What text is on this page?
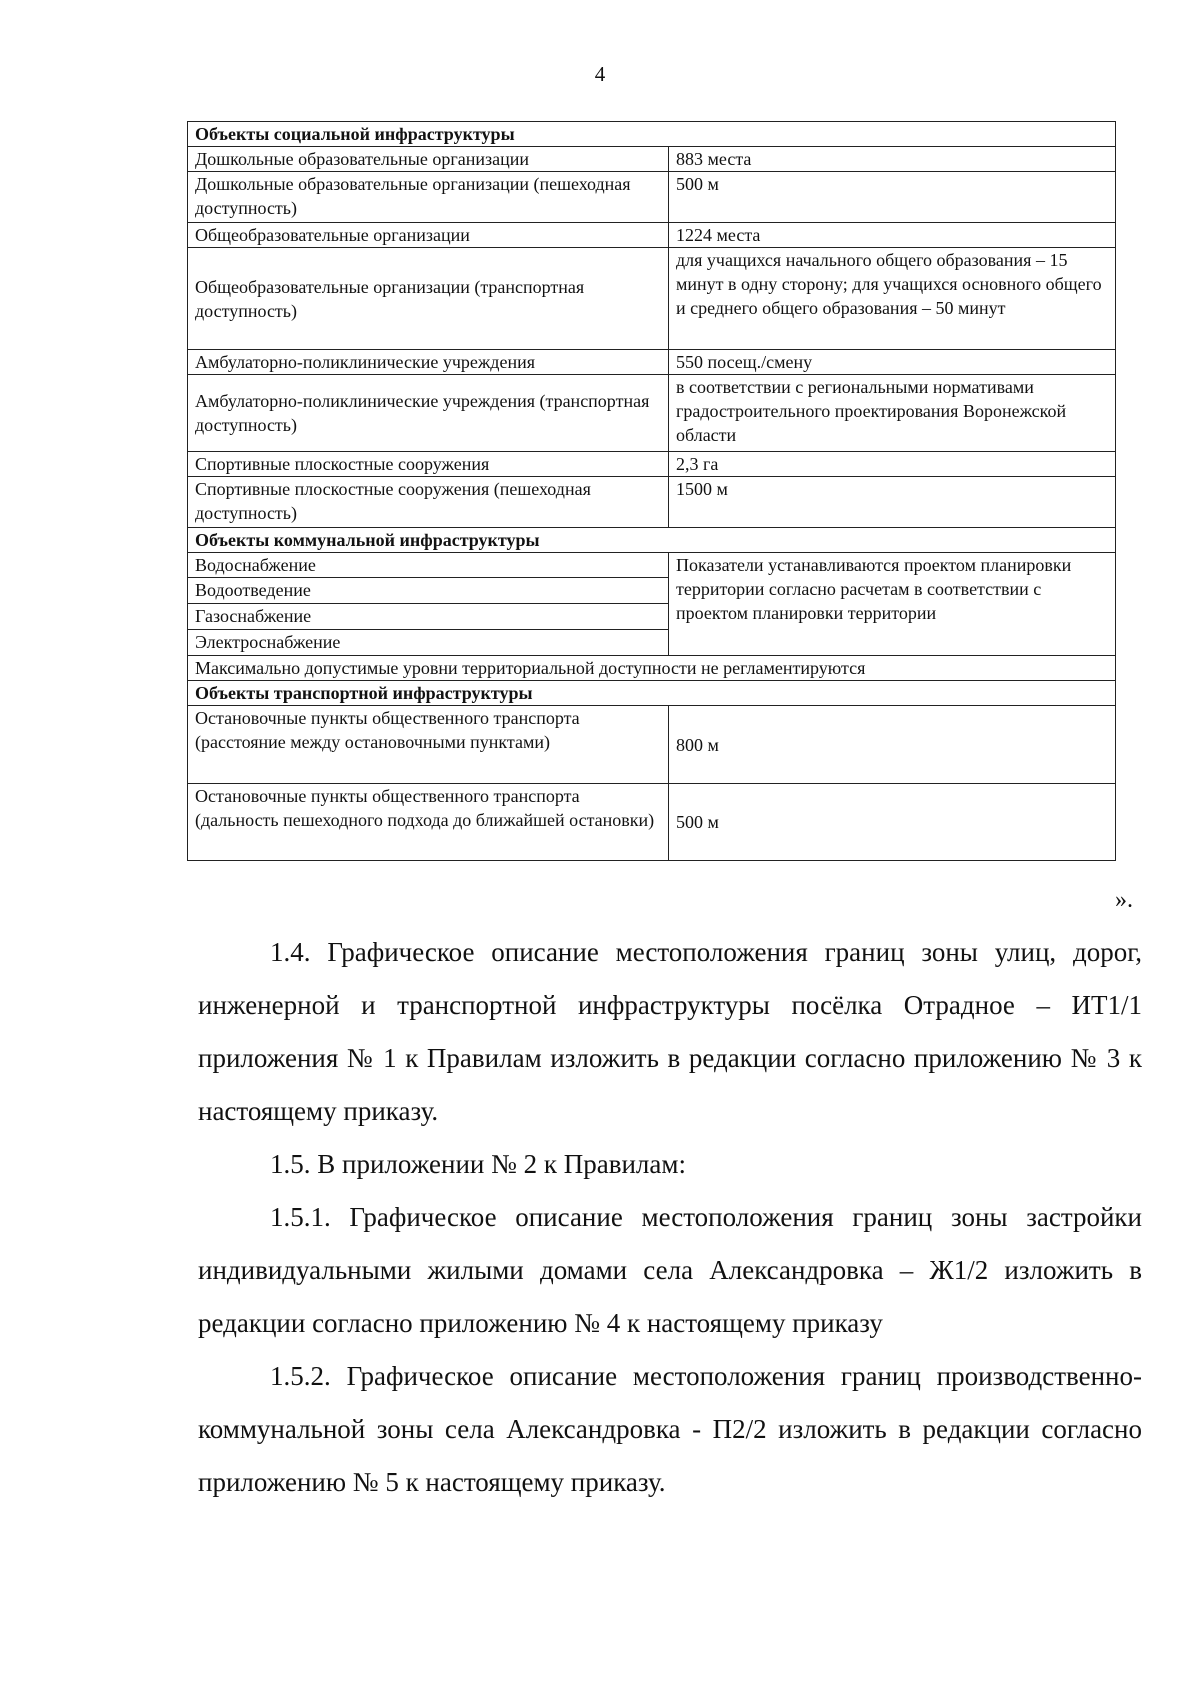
4
Объекты социальной инфраструктуры	
Дошкольные образовательные организации	883 места
Дошкольные образовательные организации (пешеходная доступность)	500 м
Общеобразовательные организации	1224 места
Общеобразовательные организации (транспортная доступность)	для учащихся начального общего образования – 15 минут в одну сторону; для учащихся основного общего и среднего общего образования – 50 минут
Амбулаторно-поликлинические учреждения	550 посещ./смену
Амбулаторно-поликлинические учреждения (транспортная доступность)	в соответствии с региональными нормативами градостроительного проектирования Воронежской области
Спортивные плоскостные сооружения	2,3 га
Спортивные плоскостные сооружения (пешеходная доступность)	1500 м
Объекты коммунальной инфраструктуры	
Водоснабжение	Показатели устанавливаются проектом планировки территории согласно расчетам в соответствии с проектом планировки территории
Водоотведение	
Газоснабжение	
Электроснабжение	
Максимально допустимые уровни территориальной доступности не регламентируются	
Объекты транспортной инфраструктуры	
Остановочные пункты общественного транспорта (расстояние между остановочными пунктами)	800 м
Остановочные пункты общественного транспорта (дальность пешеходного подхода до ближайшей остановки)	500 м
».

1.4. Графическое описание местоположения границ зоны улиц, дорог, инженерной и транспортной инфраструктуры посёлка Отрадное – ИТ1/1 приложения № 1 к Правилам изложить в редакции согласно приложению № 3 к настоящему приказу.

1.5. В приложении № 2 к Правилам:

1.5.1. Графическое описание местоположения границ зоны застройки индивидуальными жилыми домами села Александровка – Ж1/2 изложить в редакции согласно приложению № 4 к настоящему приказу

1.5.2. Графическое описание местоположения границ производственно-коммунальной зоны села Александровка - П2/2 изложить в редакции согласно приложению № 5 к настоящему приказу.
